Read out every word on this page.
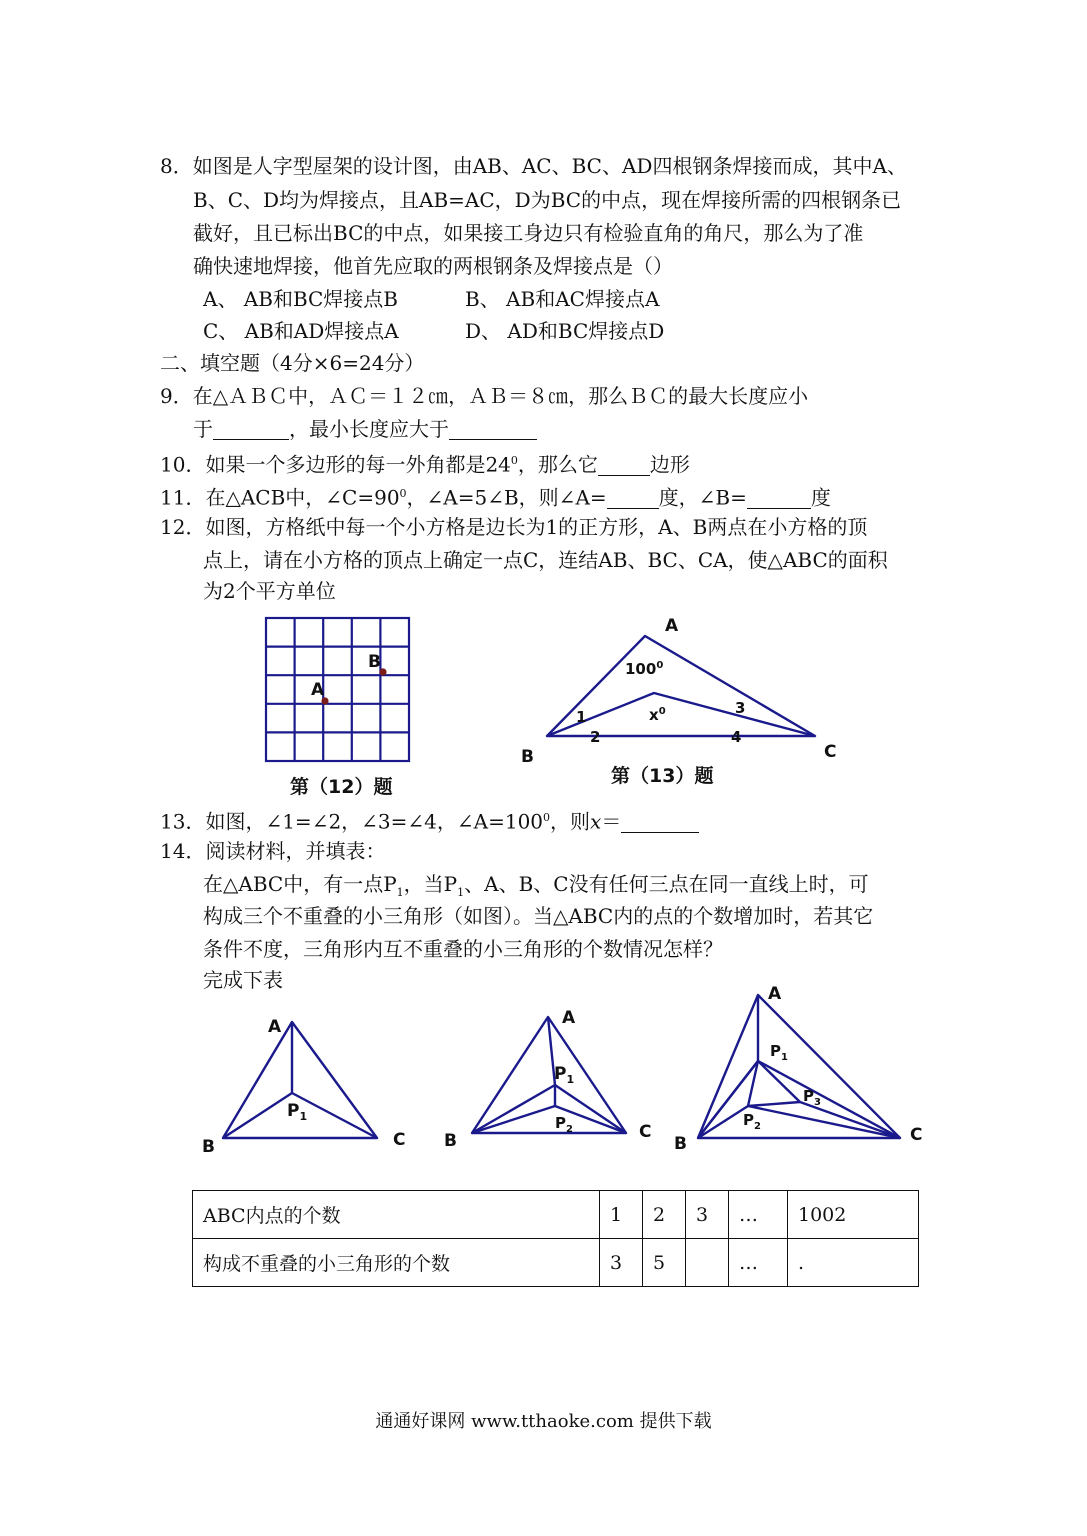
8．如图是人字型屋架的设计图，由AB、AC、BC、AD四根钢条焊接而成，其中A、
B、C、D均为焊接点，且AB=AC，D为BC的中点，现在焊接所需的四根钢条已
截好，且已标出BC的中点，如果接工身边只有检验直角的角尺，那么为了准
确快速地焊接，他首先应取的两根钢条及焊接点是（）
A、 AB和BC焊接点B	B、 AB和AC焊接点A
C、 AB和AD焊接点A	D、 AD和BC焊接点D
二、填空题（4分×6=24分）
9．在△ＡＢＣ中，ＡＣ＝１２㎝，ＡＢ＝８㎝，那么ＢＣ的最大长度应小
于	，最小长度应大于
10．如果一个多边形的每一外角都是$24^0$，那么它	边形
11．在△ACB中，$\angle C=90^0$，∠A=5∠B，则∠A=	度，∠B=	度
12．如图，方格纸中每一个小方格是边长为1的正方形，A、B两点在小方格的顶
点上，请在小方格的顶点上确定一点C，连结AB、BC、CA，使△ABC的面积
为2个平方单位
A
B
第（12）题
A
B	C
$100^0$
$x^0$
1
2
3
4
第（13）题
13．如图，∠1=∠2，∠3=∠4，$\angle A=100^0$，则x＝
14．阅读材料，并填表：
在△ABC中，有一点$P_1$，当$P_1$、A、B、C没有任何三点在同一直线上时，可
构成三个不重叠的小三角形（如图）。当△ABC内的点的个数增加时，若其它
条件不度，三角形内互不重叠的小三角形的个数情况怎样？
完成下表
A
B	C
$P_1$
A
B	C
$P_1$
$P_2$
A
B	C
$P_1$
$P_2$
$P_3$
ABC内点的个数	1	2	3	…	1002
构成不重叠的小三角形的个数	3	5		…	.
通通好课网 www.tthaoke.com 提供下载
